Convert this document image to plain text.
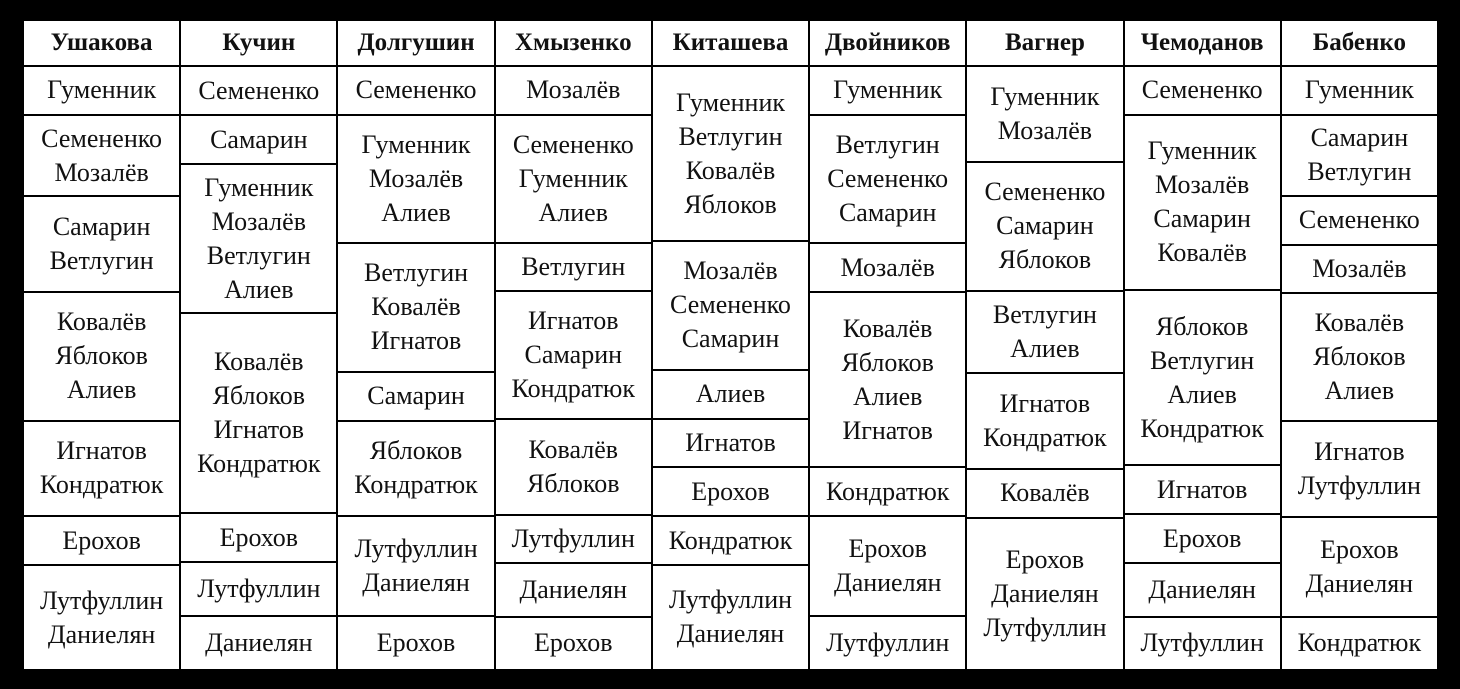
Ушакова
Гуменник
Семененко
Мозалёв
Самарин
Ветлугин
Ковалёв
Яблоков
Алиев
Игнатов
Кондратюк
Ерохов
Лутфуллин
Даниелян
Кучин
Семененко
Самарин
Гуменник
Мозалёв
Ветлугин
Алиев
Ковалёв
Яблоков
Игнатов
Кондратюк
Ерохов
Лутфуллин
Даниелян
Долгушин
Семененко
Гуменник
Мозалёв
Алиев
Ветлугин
Ковалёв
Игнатов
Самарин
Яблоков
Кондратюк
Лутфуллин
Даниелян
Ерохов
Хмызенко
Мозалёв
Семененко
Гуменник
Алиев
Ветлугин
Игнатов
Самарин
Кондратюк
Ковалёв
Яблоков
Лутфуллин
Даниелян
Ерохов
Киташева
Гуменник
Ветлугин
Ковалёв
Яблоков
Мозалёв
Семененко
Самарин
Алиев
Игнатов
Ерохов
Кондратюк
Лутфуллин
Даниелян
Двойников
Гуменник
Ветлугин
Семененко
Самарин
Мозалёв
Ковалёв
Яблоков
Алиев
Игнатов
Кондратюк
Ерохов
Даниелян
Лутфуллин
Вагнер
Гуменник
Мозалёв
Семененко
Самарин
Яблоков
Ветлугин
Алиев
Игнатов
Кондратюк
Ковалёв
Ерохов
Даниелян
Лутфуллин
Чемоданов
Семененко
Гуменник
Мозалёв
Самарин
Ковалёв
Яблоков
Ветлугин
Алиев
Кондратюк
Игнатов
Ерохов
Даниелян
Лутфуллин
Бабенко
Гуменник
Самарин
Ветлугин
Семененко
Мозалёв
Ковалёв
Яблоков
Алиев
Игнатов
Лутфуллин
Ерохов
Даниелян
Кондратюк
